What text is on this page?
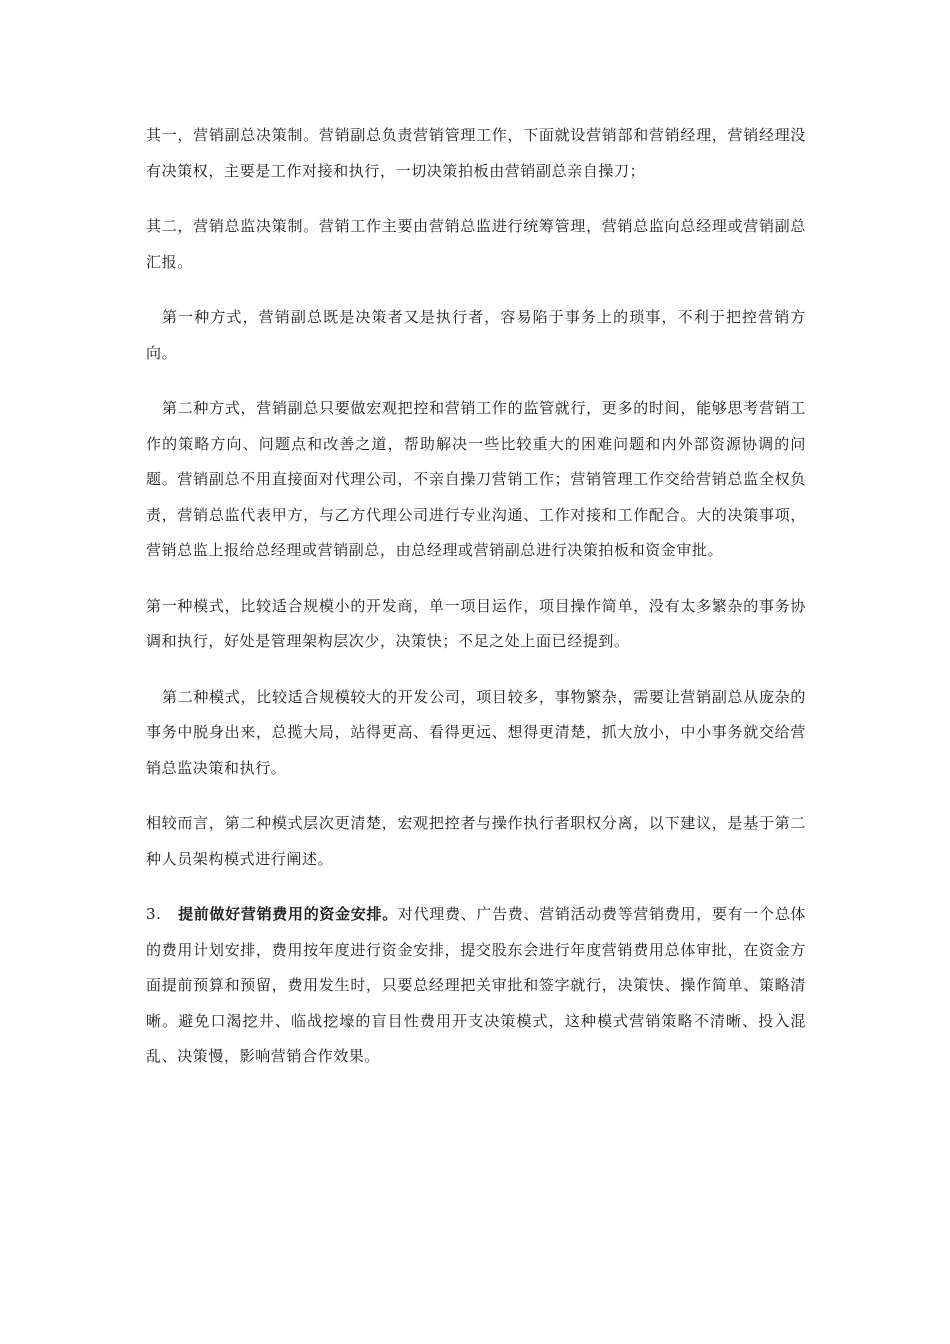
其一，营销副总决策制。营销副总负责营销管理工作，下面就设营销部和营销经理，营销经理没有决策权，主要是工作对接和执行，一切决策拍板由营销副总亲自操刀；

其二，营销总监决策制。营销工作主要由营销总监进行统筹管理，营销总监向总经理或营销副总汇报。

第一种方式，营销副总既是决策者又是执行者，容易陷于事务上的琐事，不利于把控营销方向。

第二种方式，营销副总只要做宏观把控和营销工作的监管就行，更多的时间，能够思考营销工作的策略方向、问题点和改善之道，帮助解决一些比较重大的困难问题和内外部资源协调的问题。营销副总不用直接面对代理公司，不亲自操刀营销工作；营销管理工作交给营销总监全权负责，营销总监代表甲方，与乙方代理公司进行专业沟通、工作对接和工作配合。大的决策事项，营销总监上报给总经理或营销副总，由总经理或营销副总进行决策拍板和资金审批。

第一种模式，比较适合规模小的开发商，单一项目运作，项目操作简单，没有太多繁杂的事务协调和执行，好处是管理架构层次少，决策快；不足之处上面已经提到。

第二种模式，比较适合规模较大的开发公司，项目较多，事物繁杂，需要让营销副总从庞杂的事务中脱身出来，总揽大局，站得更高、看得更远、想得更清楚，抓大放小，中小事务就交给营销总监决策和执行。

相较而言，第二种模式层次更清楚，宏观把控者与操作执行者职权分离，以下建议，是基于第二种人员架构模式进行阐述。

3. 提前做好营销费用的资金安排。对代理费、广告费、营销活动费等营销费用，要有一个总体的费用计划安排，费用按年度进行资金安排，提交股东会进行年度营销费用总体审批，在资金方面提前预算和预留，费用发生时，只要总经理把关审批和签字就行，决策快、操作简单、策略清晰。避免口渴挖井、临战挖壕的盲目性费用开支决策模式，这种模式营销策略不清晰、投入混乱、决策慢，影响营销合作效果。
